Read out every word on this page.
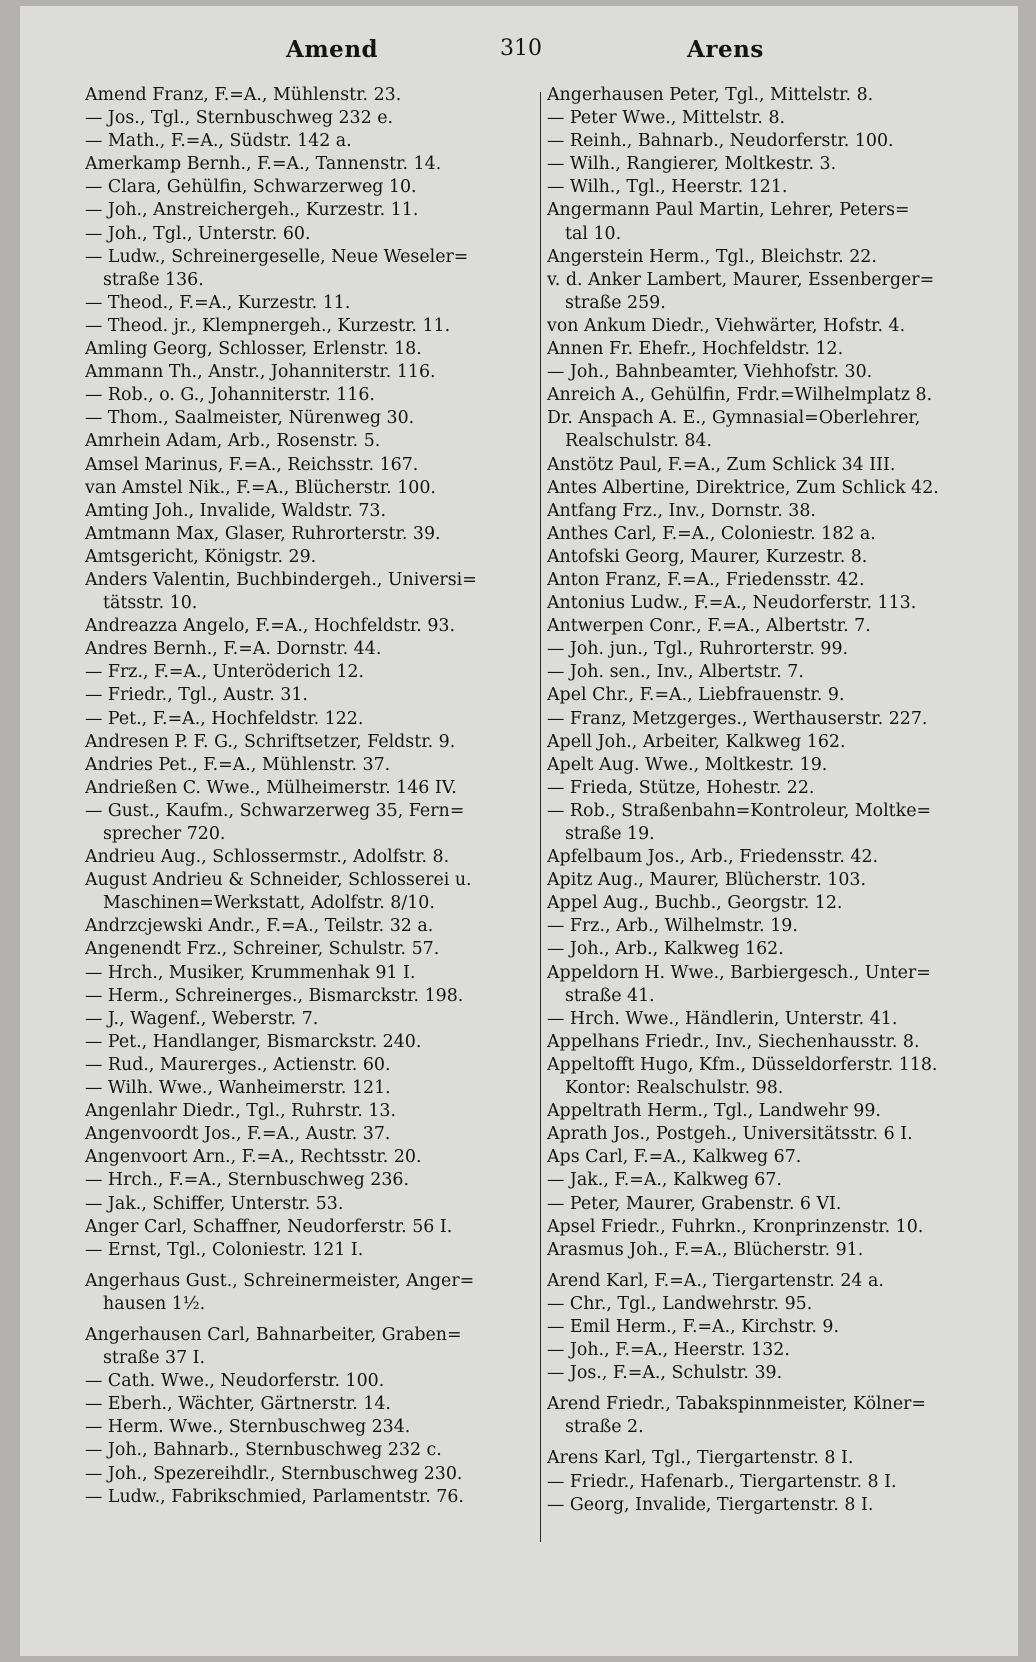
Amend	310	Arens
Amend Franz, F.=A., Mühlenstr. 23.
— Jos., Tgl., Sternbuschweg 232 e.
— Math., F.=A., Südstr. 142 a.
Amerkamp Bernh., F.=A., Tannenstr. 14.
— Clara, Gehülfin, Schwarzerweg 10.
— Joh., Anstreichergeh., Kurzestr. 11.
— Joh., Tgl., Unterstr. 60.
— Ludw., Schreinergeselle, Neue Weseler=
straße 136.
— Theod., F.=A., Kurzestr. 11.
— Theod. jr., Klempnergeh., Kurzestr. 11.
Amling Georg, Schlosser, Erlenstr. 18.
Ammann Th., Anstr., Johanniterstr. 116.
— Rob., o. G., Johanniterstr. 116.
— Thom., Saalmeister, Nürenweg 30.
Amrhein Adam, Arb., Rosenstr. 5.
Amsel Marinus, F.=A., Reichsstr. 167.
van Amstel Nik., F.=A., Blücherstr. 100.
Amting Joh., Invalide, Waldstr. 73.
Amtmann Max, Glaser, Ruhrorterstr. 39.
Amtsgericht, Königstr. 29.
Anders Valentin, Buchbindergeh., Universi=
tätsstr. 10.
Andreazza Angelo, F.=A., Hochfeldstr. 93.
Andres Bernh., F.=A. Dornstr. 44.
— Frz., F.=A., Unteröderich 12.
— Friedr., Tgl., Austr. 31.
— Pet., F.=A., Hochfeldstr. 122.
Andresen P. F. G., Schriftsetzer, Feldstr. 9.
Andries Pet., F.=A., Mühlenstr. 37.
Andrießen C. Wwe., Mülheimerstr. 146 IV.
— Gust., Kaufm., Schwarzerweg 35, Fern=
sprecher 720.
Andrieu Aug., Schlossermstr., Adolfstr. 8.
August Andrieu & Schneider, Schlosserei u.
Maschinen=Werkstatt, Adolfstr. 8/10.
Andrzcjewski Andr., F.=A., Teilstr. 32 a.
Angenendt Frz., Schreiner, Schulstr. 57.
— Hrch., Musiker, Krummenhak 91 I.
— Herm., Schreinerges., Bismarckstr. 198.
— J., Wagenf., Weberstr. 7.
— Pet., Handlanger, Bismarckstr. 240.
— Rud., Maurerges., Actienstr. 60.
— Wilh. Wwe., Wanheimerstr. 121.
Angenlahr Diedr., Tgl., Ruhrstr. 13.
Angenvoordt Jos., F.=A., Austr. 37.
Angenvoort Arn., F.=A., Rechtsstr. 20.
— Hrch., F.=A., Sternbuschweg 236.
— Jak., Schiffer, Unterstr. 53.
Anger Carl, Schaffner, Neudorferstr. 56 I.
— Ernst, Tgl., Coloniestr. 121 I.
Angerhaus Gust., Schreinermeister, Anger=
hausen 1½.
Angerhausen Carl, Bahnarbeiter, Graben=
straße 37 I.
— Cath. Wwe., Neudorferstr. 100.
— Eberh., Wächter, Gärtnerstr. 14.
— Herm. Wwe., Sternbuschweg 234.
— Joh., Bahnarb., Sternbuschweg 232 c.
— Joh., Spezereihdlr., Sternbuschweg 230.
— Ludw., Fabrikschmied, Parlamentstr. 76.
Angerhausen Peter, Tgl., Mittelstr. 8.
— Peter Wwe., Mittelstr. 8.
— Reinh., Bahnarb., Neudorferstr. 100.
— Wilh., Rangierer, Moltkestr. 3.
— Wilh., Tgl., Heerstr. 121.
Angermann Paul Martin, Lehrer, Peters=
tal 10.
Angerstein Herm., Tgl., Bleichstr. 22.
v. d. Anker Lambert, Maurer, Essenberger=
straße 259.
von Ankum Diedr., Viehwärter, Hofstr. 4.
Annen Fr. Ehefr., Hochfeldstr. 12.
— Joh., Bahnbeamter, Viehhofstr. 30.
Anreich A., Gehülfin, Frdr.=Wilhelmplatz 8.
Dr. Anspach A. E., Gymnasial=Oberlehrer,
Realschulstr. 84.
Anstötz Paul, F.=A., Zum Schlick 34 III.
Antes Albertine, Direktrice, Zum Schlick 42.
Antfang Frz., Inv., Dornstr. 38.
Anthes Carl, F.=A., Coloniestr. 182 a.
Antofski Georg, Maurer, Kurzestr. 8.
Anton Franz, F.=A., Friedensstr. 42.
Antonius Ludw., F.=A., Neudorferstr. 113.
Antwerpen Conr., F.=A., Albertstr. 7.
— Joh. jun., Tgl., Ruhrorterstr. 99.
— Joh. sen., Inv., Albertstr. 7.
Apel Chr., F.=A., Liebfrauenstr. 9.
— Franz, Metzgerges., Werthauserstr. 227.
Apell Joh., Arbeiter, Kalkweg 162.
Apelt Aug. Wwe., Moltkestr. 19.
— Frieda, Stütze, Hohestr. 22.
— Rob., Straßenbahn=Kontroleur, Moltke=
straße 19.
Apfelbaum Jos., Arb., Friedensstr. 42.
Apitz Aug., Maurer, Blücherstr. 103.
Appel Aug., Buchb., Georgstr. 12.
— Frz., Arb., Wilhelmstr. 19.
— Joh., Arb., Kalkweg 162.
Appeldorn H. Wwe., Barbiergesch., Unter=
straße 41.
— Hrch. Wwe., Händlerin, Unterstr. 41.
Appelhans Friedr., Inv., Siechenhausstr. 8.
Appeltofft Hugo, Kfm., Düsseldorferstr. 118.
Kontor: Realschulstr. 98.
Appeltrath Herm., Tgl., Landwehr 99.
Aprath Jos., Postgeh., Universitätsstr. 6 I.
Aps Carl, F.=A., Kalkweg 67.
— Jak., F.=A., Kalkweg 67.
— Peter, Maurer, Grabenstr. 6 VI.
Apsel Friedr., Fuhrkn., Kronprinzenstr. 10.
Arasmus Joh., F.=A., Blücherstr. 91.
Arend Karl, F.=A., Tiergartenstr. 24 a.
— Chr., Tgl., Landwehrstr. 95.
— Emil Herm., F.=A., Kirchstr. 9.
— Joh., F.=A., Heerstr. 132.
— Jos., F.=A., Schulstr. 39.
Arend Friedr., Tabakspinnmeister, Kölner=
straße 2.
Arens Karl, Tgl., Tiergartenstr. 8 I.
— Friedr., Hafenarb., Tiergartenstr. 8 I.
— Georg, Invalide, Tiergartenstr. 8 I.
